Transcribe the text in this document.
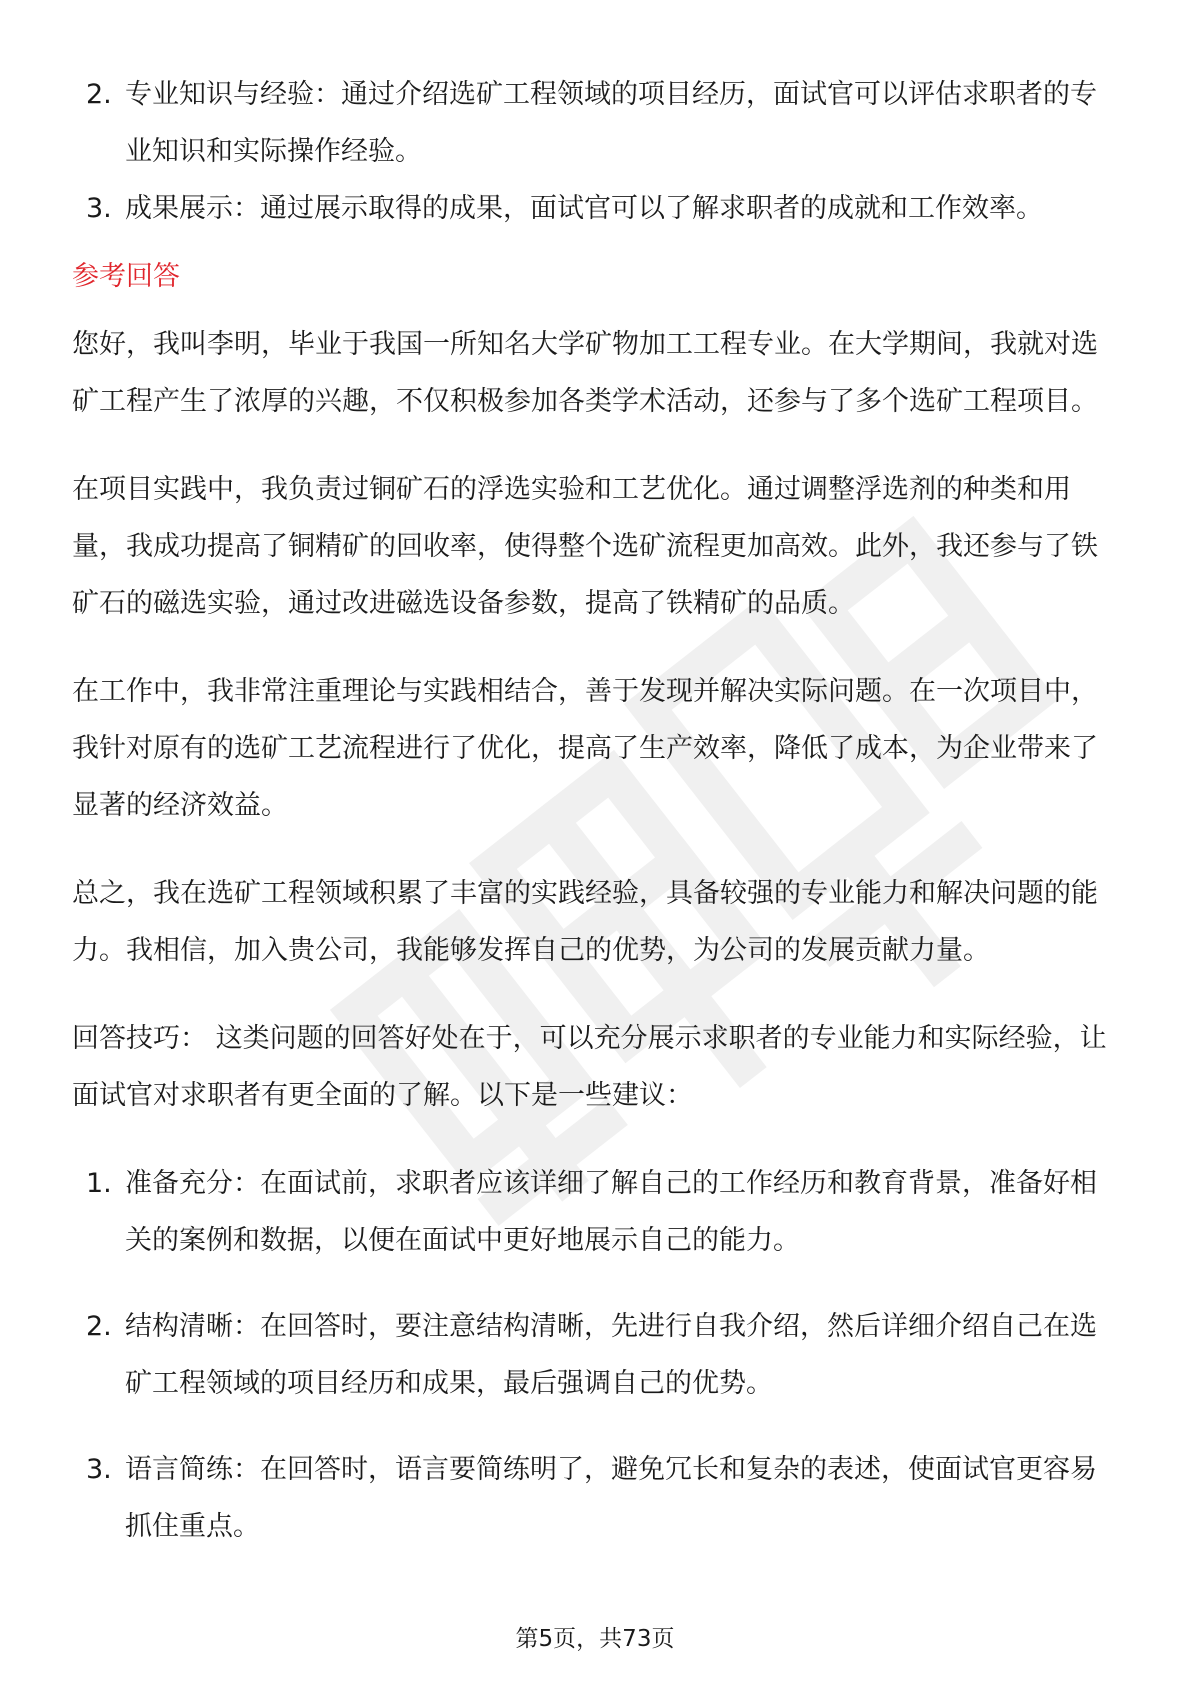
2. 专业知识与经验：通过介绍选矿工程领域的项目经历，面试官可以评估求职者的专业知识和实际操作经验。
3. 成果展示：通过展示取得的成果，面试官可以了解求职者的成就和工作效率。
参考回答

您好，我叫李明，毕业于我国一所知名大学矿物加工工程专业。在大学期间，我就对选矿工程产生了浓厚的兴趣，不仅积极参加各类学术活动，还参与了多个选矿工程项目。

在项目实践中，我负责过铜矿石的浮选实验和工艺优化。通过调整浮选剂的种类和用量，我成功提高了铜精矿的回收率，使得整个选矿流程更加高效。此外，我还参与了铁矿石的磁选实验，通过改进磁选设备参数，提高了铁精矿的品质。

在工作中，我非常注重理论与实践相结合，善于发现并解决实际问题。在一次项目中，我针对原有的选矿工艺流程进行了优化，提高了生产效率，降低了成本，为企业带来了显著的经济效益。

总之，我在选矿工程领域积累了丰富的实践经验，具备较强的专业能力和解决问题的能力。我相信，加入贵公司，我能够发挥自己的优势，为公司的发展贡献力量。

回答技巧： 这类问题的回答好处在于，可以充分展示求职者的专业能力和实际经验，让面试官对求职者有更全面的了解。以下是一些建议：

1. 准备充分：在面试前，求职者应该详细了解自己的工作经历和教育背景，准备好相关的案例和数据，以便在面试中更好地展示自己的能力。
2. 结构清晰：在回答时，要注意结构清晰，先进行自我介绍，然后详细介绍自己在选矿工程领域的项目经历和成果，最后强调自己的优势。
3. 语言简练：在回答时，语言要简练明了，避免冗长和复杂的表述，使面试官更容易抓住重点。
第5页，共73页
